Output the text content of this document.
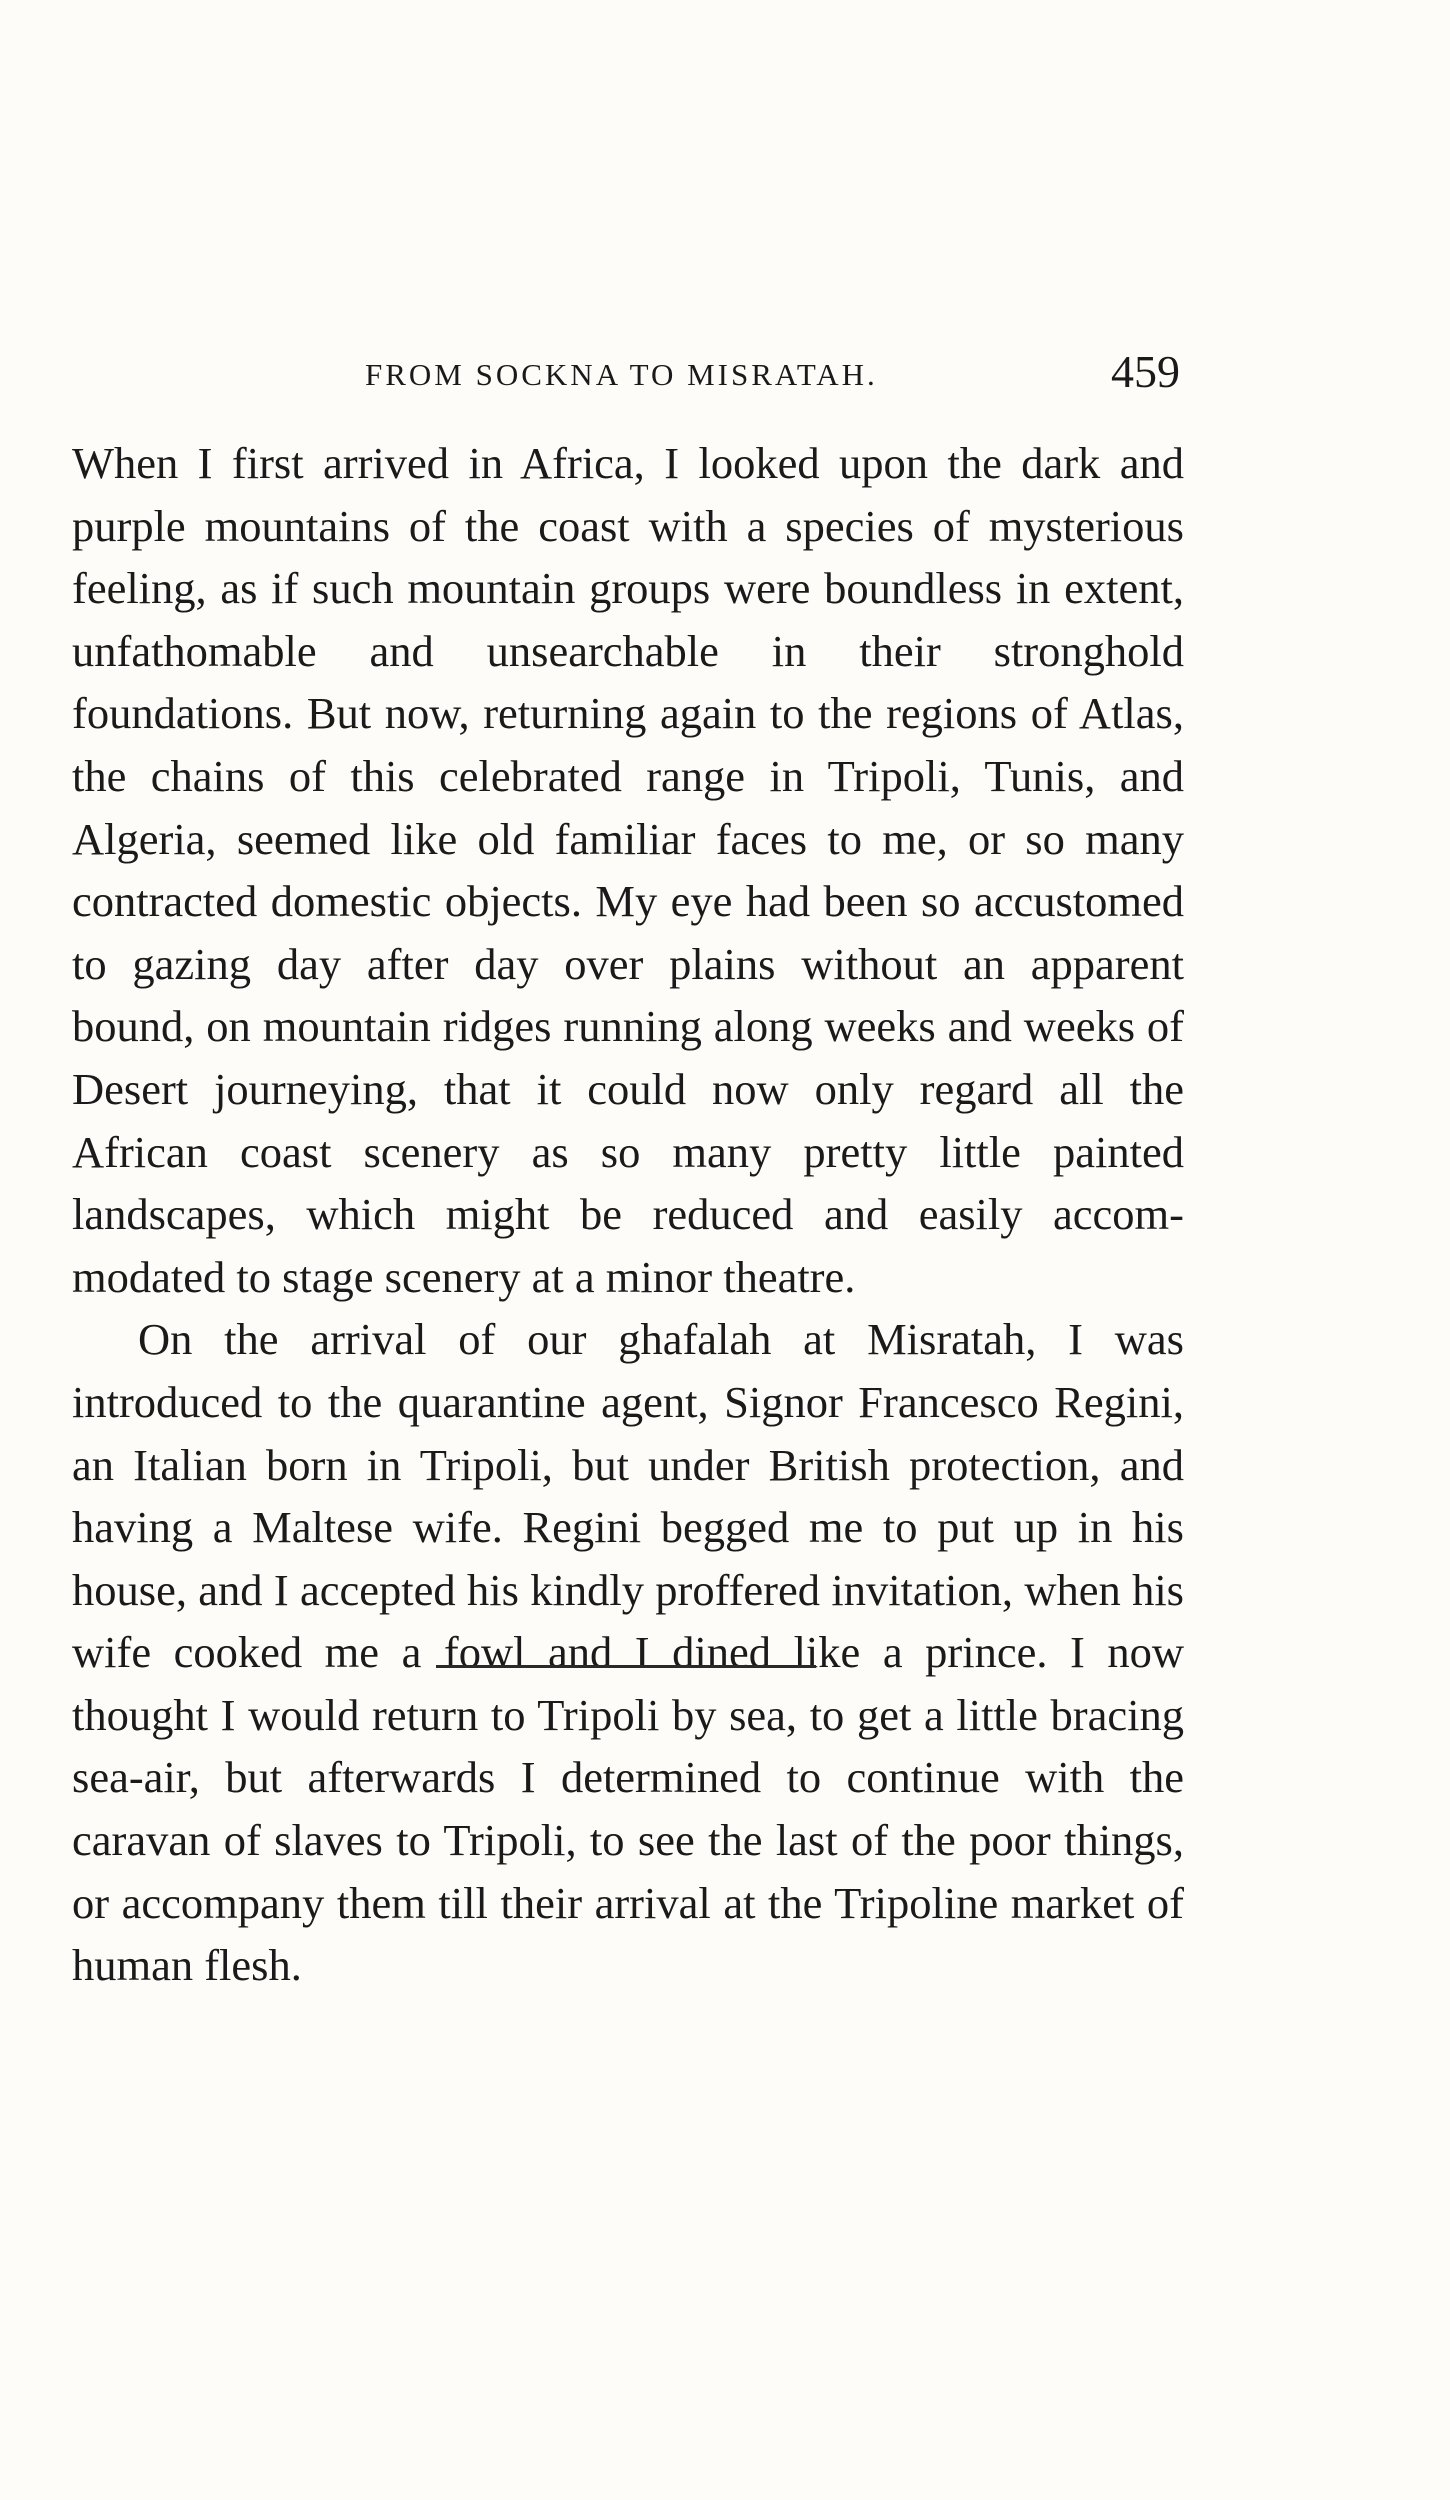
FROM SOCKNA TO MISRATAH.	459

When I first arrived in Africa, I looked upon the dark and purple mountains of the coast with a species of mysterious feeling, as if such mountain groups were boundless in extent, unfathomable and unsearchable in their stronghold foundations. But now, returning again to the regions of Atlas, the chains of this celebrated range in Tripoli, Tunis, and Algeria, seemed like old familiar faces to me, or so many contracted domestic objects. My eye had been so accustomed to gazing day after day over plains without an apparent bound, on mountain ridges running along weeks and weeks of Desert journeying, that it could now only regard all the African coast scenery as so many pretty little painted landscapes, which might be reduced and easily accommodated to stage scenery at a minor theatre.

On the arrival of our ghafalah at Misratah, I was introduced to the quarantine agent, Signor Francesco Regini, an Italian born in Tripoli, but under British protection, and having a Maltese wife. Regini begged me to put up in his house, and I accepted his kindly proffered invitation, when his wife cooked me a fowl and I dined like a prince. I now thought I would return to Tripoli by sea, to get a little bracing sea-air, but afterwards I determined to continue with the caravan of slaves to Tripoli, to see the last of the poor things, or accompany them till their arrival at the Tripoline market of human flesh.
